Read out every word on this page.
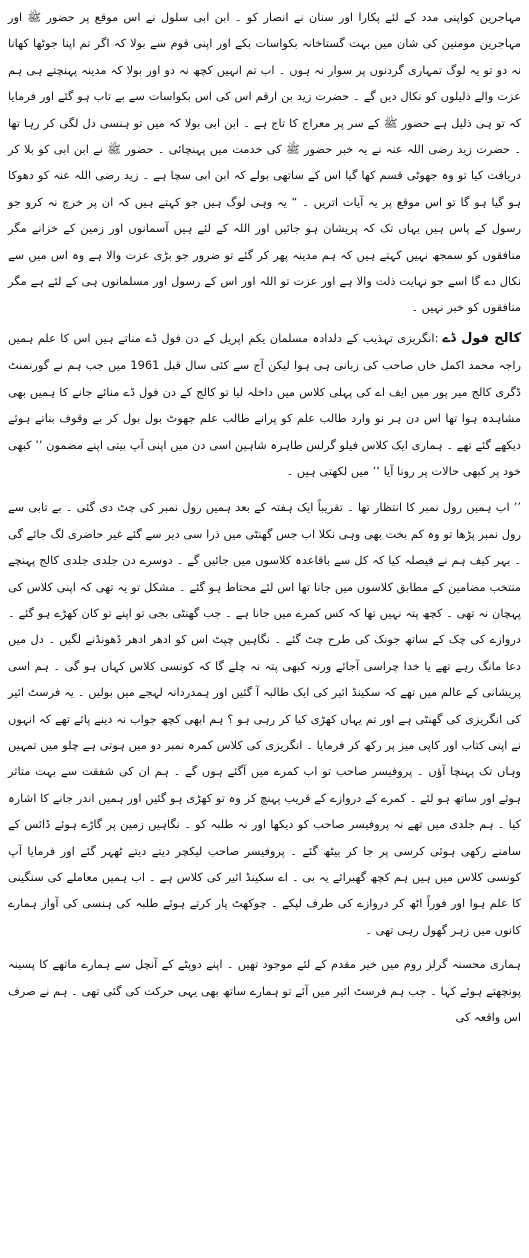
مہاجرین کواپنی مدد کے لئے پکارا اور سنان نے انصار کو ۔ ابن ابی سلول نے اس موقع پر حضور ﷺ اور مہاجرین مومنین کی شان میں بہت گستاخانہ بکواسات بکے اور اپنی قوم سے بولا کہ اگر تم اپنا جوٹھا کھانا نہ دو تو یہ لوگ تمہاری گردنوں پر سوار نہ ہوں ۔ اب تم انہیں کچھ نہ دو اور بولا کہ مدینہ پہنچتے ہی ہم عزت والے ذلیلوں کو نکال دیں گے ۔ حضرت زید بن ارقم اس کی اس بکواسات سے بے تاب ہو گئے اور فرمایا کہ تو ہی ذلیل ہے حضور ﷺ کے سر پر معراج کا تاج ہے ۔ ابن ابی بولا کہ میں تو ہنسی دل لگی کر رہا تھا ۔ حضرت زید رضی اللہ عنہ نے یہ خبر حضور ﷺ کی خدمت میں پہنچائی ۔ حضور ﷺ نے ابن ابی کو بلا کر دریافت کیا تو وہ جھوٹی قسم کھا گیا اس کے ساتھی بولے کہ ابن ابی سچا ہے ۔ زید رضی اللہ عنہ کو دھوکا ہو گیا ہو گا تو اس موقع پر یہ آیات اتریں ۔ “ یہ وہی لوگ ہیں جو کہتے ہیں کہ ان پر خرچ نہ کرو جو رسول کے پاس ہیں یہاں تک کہ پریشان ہو جائیں اور اللہ کے لئے ہیں آسمانوں اور زمین کے خزانے مگر منافقوں کو سمجھ نہیں کہتے ہیں کہ ہم مدینہ پھر کر گئے تو ضرور جو بڑی عزت والا ہے وہ اس میں سے نکال دے گا اسے جو نہایت ذلت والا ہے اور عزت تو اللہ اور اس کے رسول اور مسلمانوں ہی کے لئے ہے مگر منافقوں کو خبر نہیں ۔

کالج فول ڈے:انگریزی تہذیب کے دلدادہ مسلمان یکم اپریل کے دن فول ڈے مناتے ہیں اس کا علم ہمیں راجہ محمد اکمل خاں صاحب کی زبانی ہی ہوا لیکن آج سے کئی سال قبل 1961 میں جب ہم نے گورنمنٹ ڈگری کالج میر پور میں ایف اے کی پہلی کلاس میں داخلہ لیا تو کالج کے دن فول ڈے منائے جانے کا ہمیں بھی مشاہدہ ہوا تھا اس دن ہر نو وارد طالب علم کو پرانے طالب علم جھوٹ بول بول کر بے وقوف بناتے ہوئے دیکھے گئے تھے ۔ ہماری ایک کلاس فیلو گرلس طاہرہ شاہین اسی دن میں اپنی آپ بیتی اپنے مضمون ’’ کبھی خود پر کبھی حالات پر رونا آیا ‘‘ میں لکھتی ہیں ۔

’’ اب ہمیں رول نمبر کا انتظار تھا ۔ تقریباً ایک ہفتہ کے بعد ہمیں رول نمبر کی چٹ دی گئی ۔ بے تابی سے رول نمبر پڑھا تو وہ کم بخت بھی وہی نکلا اب جس گھنٹی میں ذرا سی دیر سے گئے غیر حاضری لگ جائے گی ۔ بہر کیف ہم نے فیصلہ کیا کہ کل سے باقاعدہ کلاسوں میں جائیں گے ۔ دوسرے دن جلدی جلدی کالج پہنچے منتخب مضامین کے مطابق کلاسوں میں جانا تھا اس لئے محتاط ہو گئے ۔ مشکل تو یہ تھی کہ اپنی کلاس کی پہچان نہ تھی ۔ کچھ پتہ نہیں تھا کہ کس کمرے میں جانا ہے ۔ جب گھنٹی بجی تو اپنے تو کان کھڑے ہو گئے ۔ دروازے کی چک کے ساتھ جونک کی طرح چٹ گئے ۔ نگاہیں چپٹ اس کو ادھر ادھر ڈھونڈنے لگیں ۔ دل میں دعا مانگ رہے تھے یا خدا چراسی آجائے ورنہ کبھی پتہ نہ چلے گا کہ کونسی کلاس کہاں ہو گی ۔ ہم اسی پریشانی کے عالم میں تھے کہ سکینڈ ائیر کی ایک طالبہ آ گئیں اور ہمدردانہ لہجے میں بولیں ۔ یہ فرسٹ ائیر کی انگریزی کی گھنٹی ہے اور تم یہاں کھڑی کیا کر رہی ہو ؟ ہم ابھی کچھ جواب نہ دینے پائے تھے کہ انہوں نے اپنی کتاب اور کاپی میز پر رکھ کر فرمایا ۔ انگریزی کی کلاس کمرہ نمبر دو میں ہوتی ہے چلو میں تمہیں وہاں تک پہنچا آؤں ۔ پروفیسر صاحب تو اب کمرے میں آگئے ہوں گے ۔ ہم ان کی شفقت سے بہت متاثر ہوئے اور ساتھ ہو لئے ۔ کمرے کے دروازے کے قریب پہنچ کر وہ تو کھڑی ہو گئیں اور ہمیں اندر جانے کا اشارہ کیا ۔ ہم جلدی میں تھے نہ پروفیسر صاحب کو دیکھا اور نہ طلبہ کو ۔ نگاہیں زمین پر گاڑے ہوئے ڈائس کے سامنے رکھی ہوئی کرسی پر جا کر بیٹھ گئے ۔ پروفیسر صاحب لیکچر دیتے دیتے ٹھہر گئے اور فرمایا آپ کونسی کلاس میں ہیں ہم کچھ گھبرائے یہ بی ۔ اے سکینڈ ائیر کی کلاس ہے ۔ اب ہمیں معاملے کی سنگینی کا علم ہوا اور فوراً اٹھ کر دروازے کی طرف لپکے ۔ چوکھٹ پار کرتے ہوئے طلبہ کی ہنسی کی آواز ہمارے کانوں میں زہر گھول رہی تھی ۔

ہماری محسنہ گرلز روم میں خیر مقدم کے لئے موجود تھیں ۔ اپنے دوپٹے کے آنچل سے ہمارے ماتھے کا پسینہ پونچھتے ہوئے کہا ۔ جب ہم فرسٹ ائیر میں آئے تو ہمارے ساتھ بھی یہی حرکت کی گئی تھی ۔ ہم نے صرف اس واقعہ کی
